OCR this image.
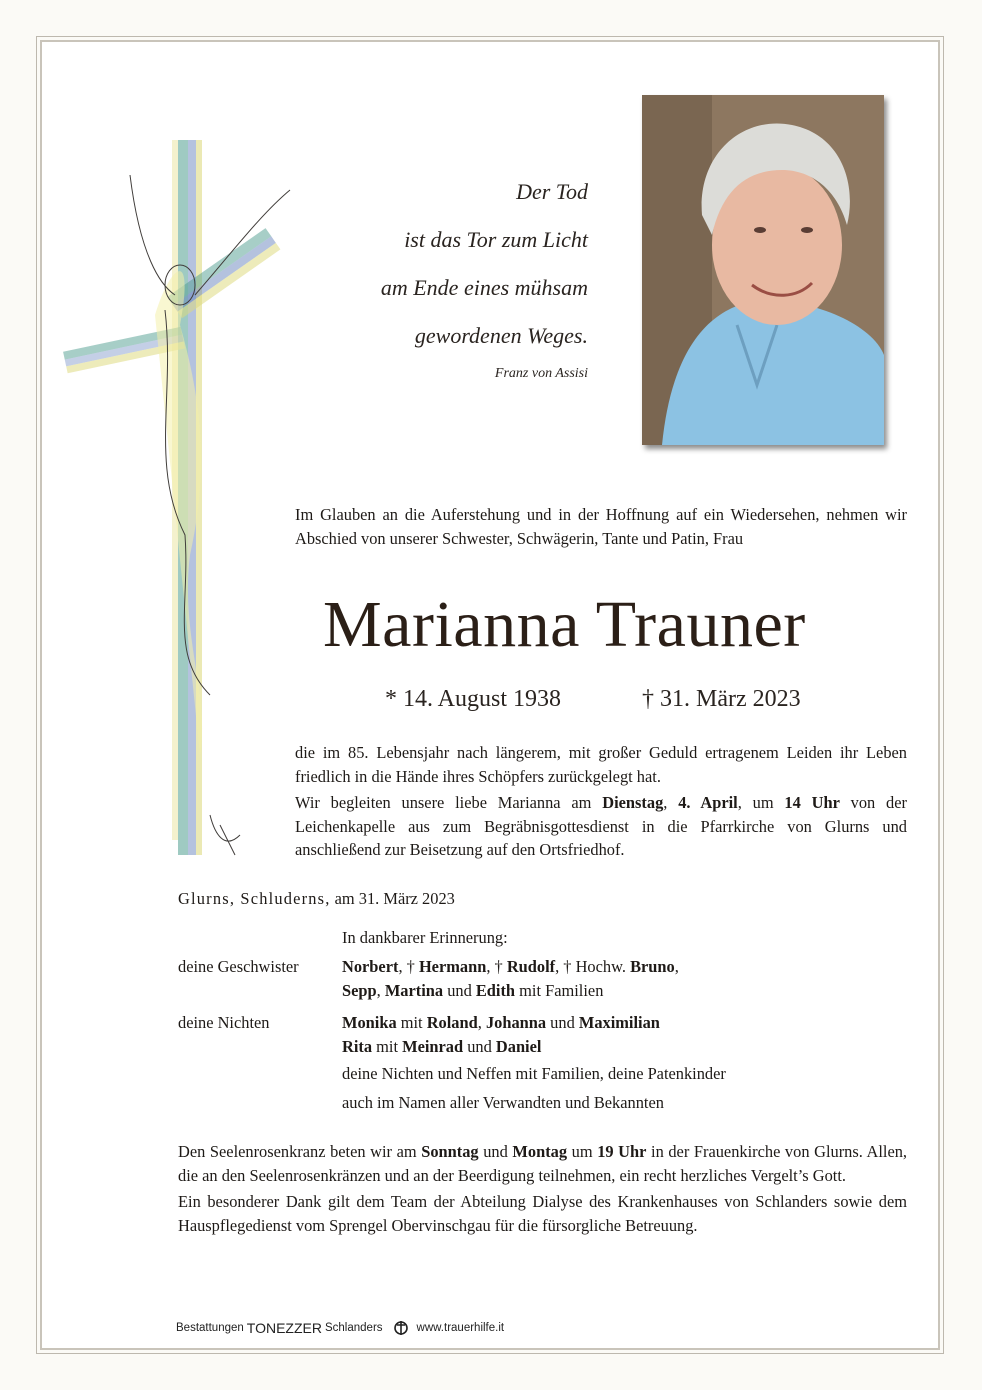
Der Tod
ist das Tor zum Licht
am Ende eines mühsam
gewordenen Weges.
Franz von Assisi
Im Glauben an die Auferstehung und in der Hoffnung auf ein Wiedersehen, nehmen wir Abschied von unserer Schwester, Schwägerin, Tante und Patin, Frau
Marianna Trauner
* 14. August 1938	† 31. März 2023

die im 85. Lebensjahr nach längerem, mit großer Geduld ertragenem Leiden ihr Leben friedlich in die Hände ihres Schöpfers zurückgelegt hat.

Wir begleiten unsere liebe Marianna am Dienstag, 4. April, um 14 Uhr von der Leichenkapelle aus zum Begräbnisgottesdienst in die Pfarrkirche von Glurns und anschließend zur Beisetzung auf den Ortsfriedhof.

Glurns, Schluderns, am 31. März 2023
In dankbarer Erinnerung:
deine Geschwister	Norbert, † Hermann, † Rudolf, † Hochw. Bruno,
Sepp, Martina und Edith mit Familien
deine Nichten	Monika mit Roland, Johanna und Maximilian
Rita mit Meinrad und Daniel
deine Nichten und Neffen mit Familien, deine Patenkinder
auch im Namen aller Verwandten und Bekannten

Den Seelenrosenkranz beten wir am Sonntag und Montag um 19 Uhr in der Frauenkirche von Glurns. Allen, die an den Seelenrosenkränzen und an der Beerdigung teilnehmen, ein recht herzliches Vergelt’s Gott.

Ein besonderer Dank gilt dem Team der Abteilung Dialyse des Krankenhauses von Schlanders sowie dem Hauspflegedienst vom Sprengel Obervinschgau für die fürsorgliche Betreuung.

Bestattungen TONEZZER Schlanders	www.trauerhilfe.it
